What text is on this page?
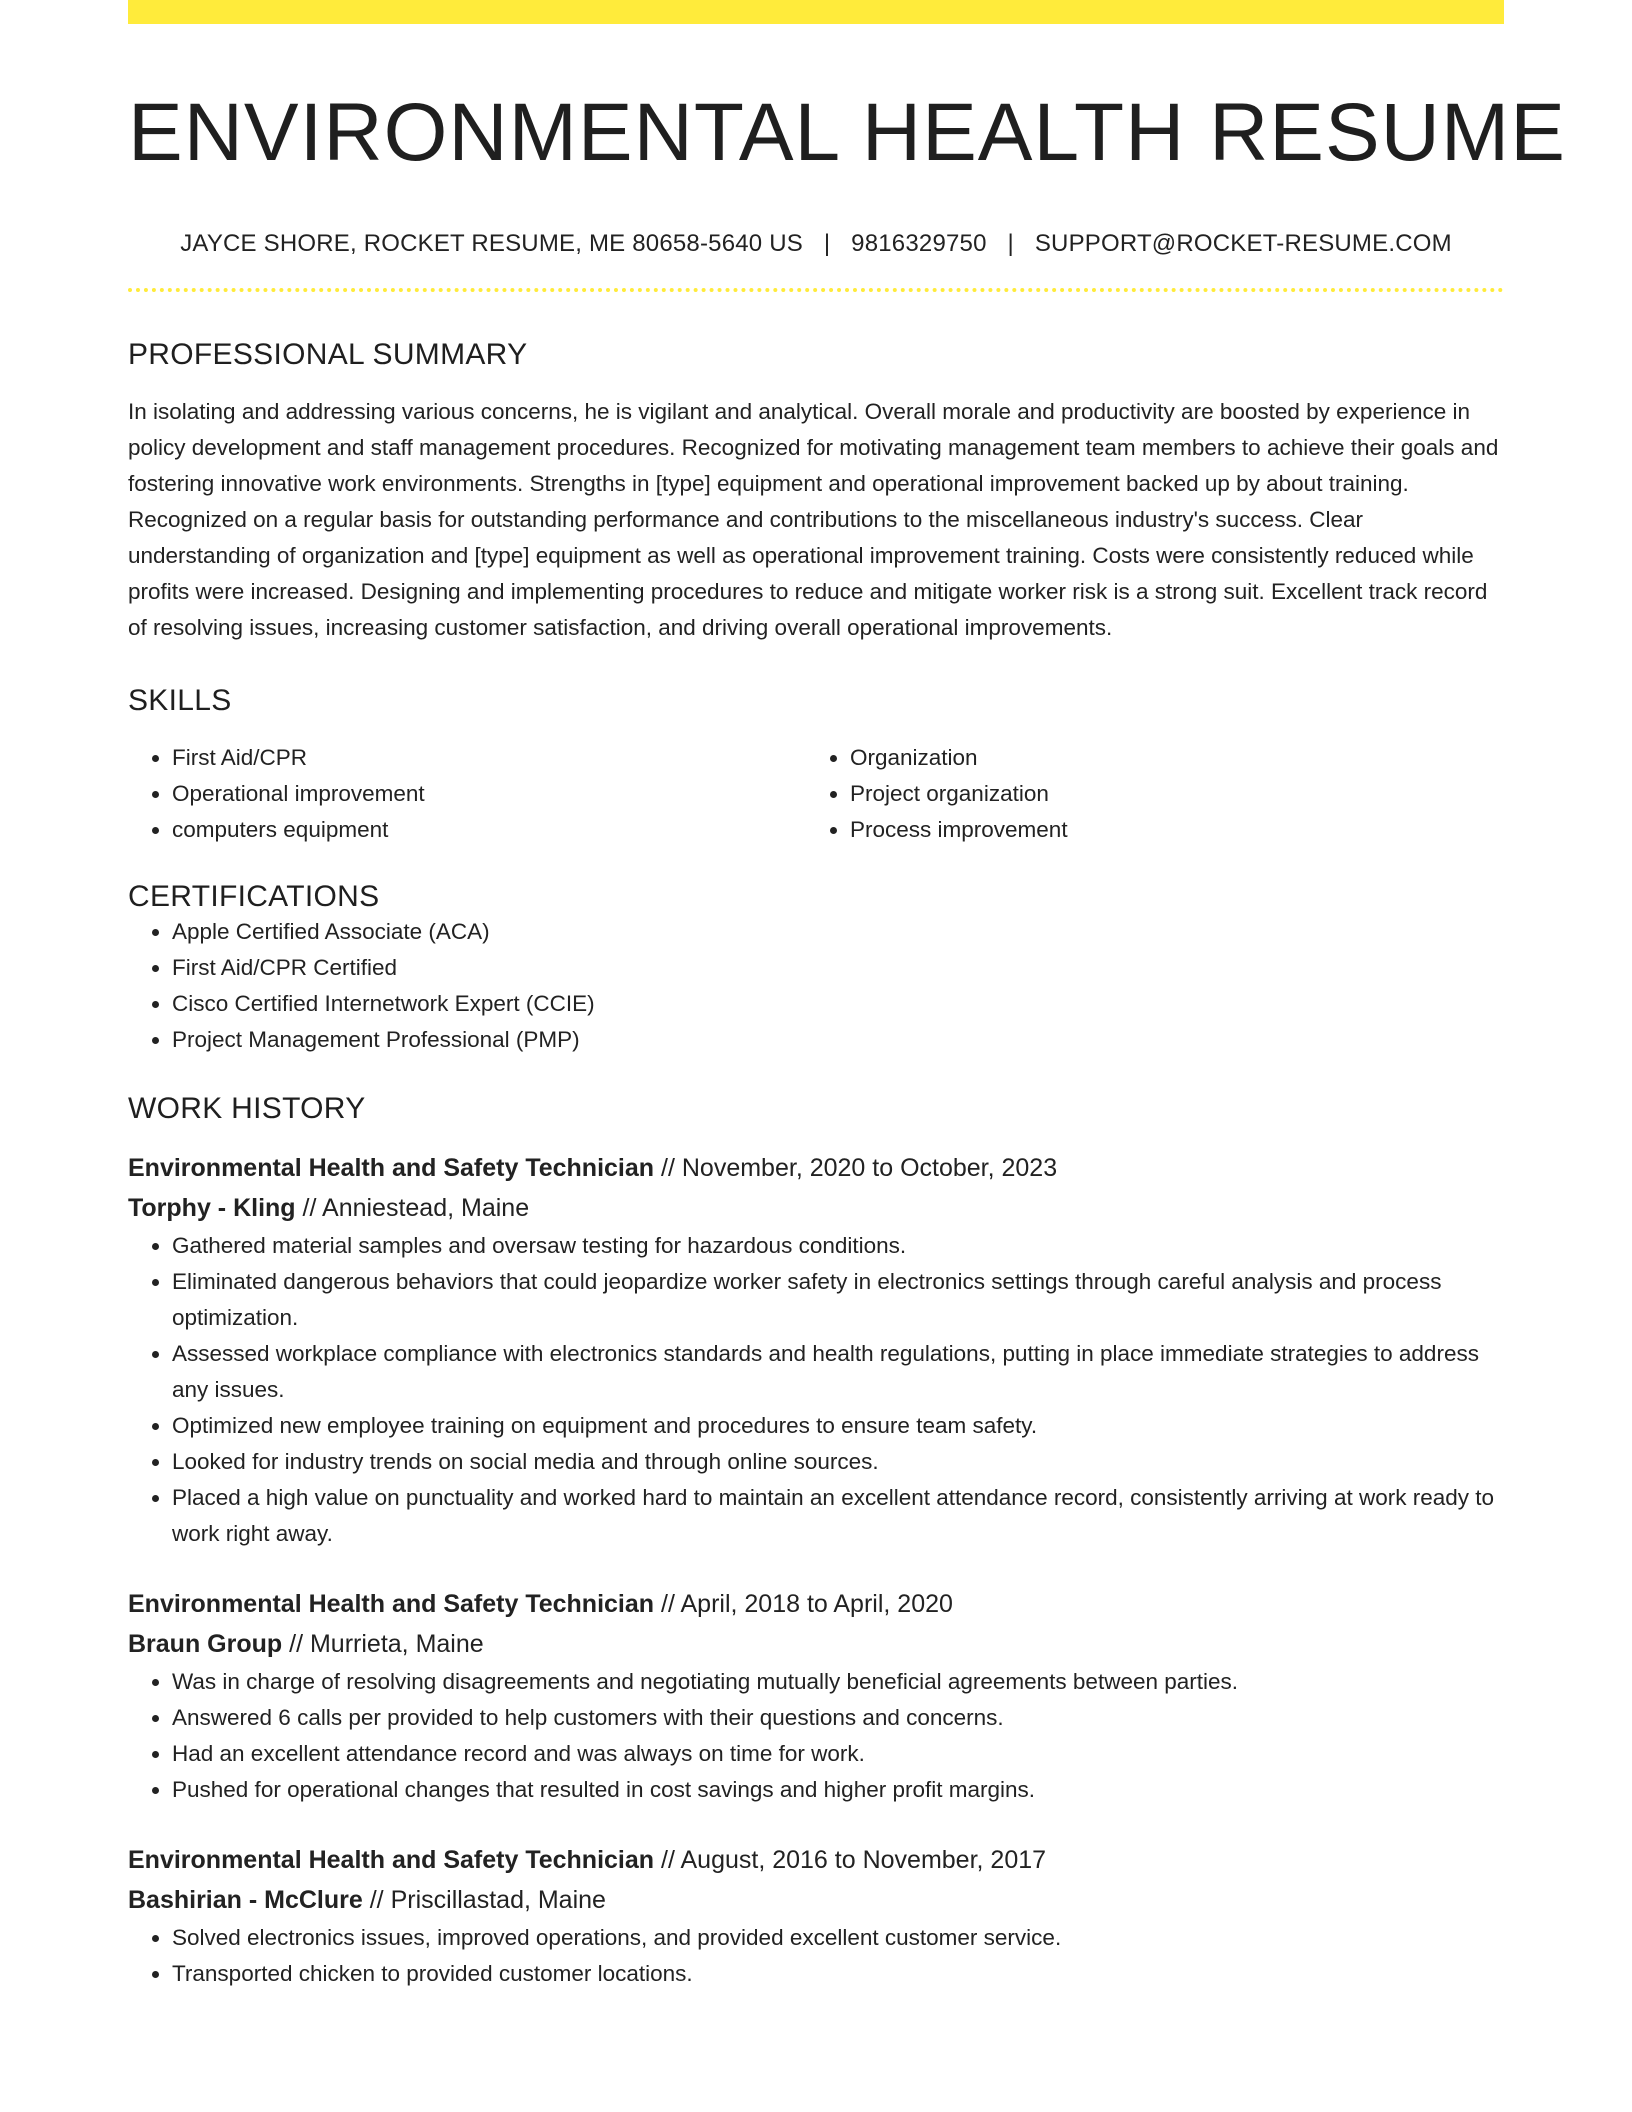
ENVIRONMENTAL HEALTH RESUME
JAYCE SHORE, ROCKET RESUME, ME 80658-5640 US | 9816329750 | SUPPORT@ROCKET-RESUME.COM
PROFESSIONAL SUMMARY
In isolating and addressing various concerns, he is vigilant and analytical. Overall morale and productivity are boosted by experience in policy development and staff management procedures. Recognized for motivating management team members to achieve their goals and fostering innovative work environments. Strengths in [type] equipment and operational improvement backed up by about training. Recognized on a regular basis for outstanding performance and contributions to the miscellaneous industry's success. Clear understanding of organization and [type] equipment as well as operational improvement training. Costs were consistently reduced while profits were increased. Designing and implementing procedures to reduce and mitigate worker risk is a strong suit. Excellent track record of resolving issues, increasing customer satisfaction, and driving overall operational improvements.
SKILLS
• First Aid/CPR
• Operational improvement
• computers equipment
• Organization
• Project organization
• Process improvement
CERTIFICATIONS
• Apple Certified Associate (ACA)
• First Aid/CPR Certified
• Cisco Certified Internetwork Expert (CCIE)
• Project Management Professional (PMP)
WORK HISTORY
Environmental Health and Safety Technician // November, 2020 to October, 2023
Torphy - Kling // Anniestead, Maine
• Gathered material samples and oversaw testing for hazardous conditions.
• Eliminated dangerous behaviors that could jeopardize worker safety in electronics settings through careful analysis and process optimization.
• Assessed workplace compliance with electronics standards and health regulations, putting in place immediate strategies to address any issues.
• Optimized new employee training on equipment and procedures to ensure team safety.
• Looked for industry trends on social media and through online sources.
• Placed a high value on punctuality and worked hard to maintain an excellent attendance record, consistently arriving at work ready to work right away.
Environmental Health and Safety Technician // April, 2018 to April, 2020
Braun Group // Murrieta, Maine
• Was in charge of resolving disagreements and negotiating mutually beneficial agreements between parties.
• Answered 6 calls per provided to help customers with their questions and concerns.
• Had an excellent attendance record and was always on time for work.
• Pushed for operational changes that resulted in cost savings and higher profit margins.
Environmental Health and Safety Technician // August, 2016 to November, 2017
Bashirian - McClure // Priscillastad, Maine
• Solved electronics issues, improved operations, and provided excellent customer service.
• Transported chicken to provided customer locations.
